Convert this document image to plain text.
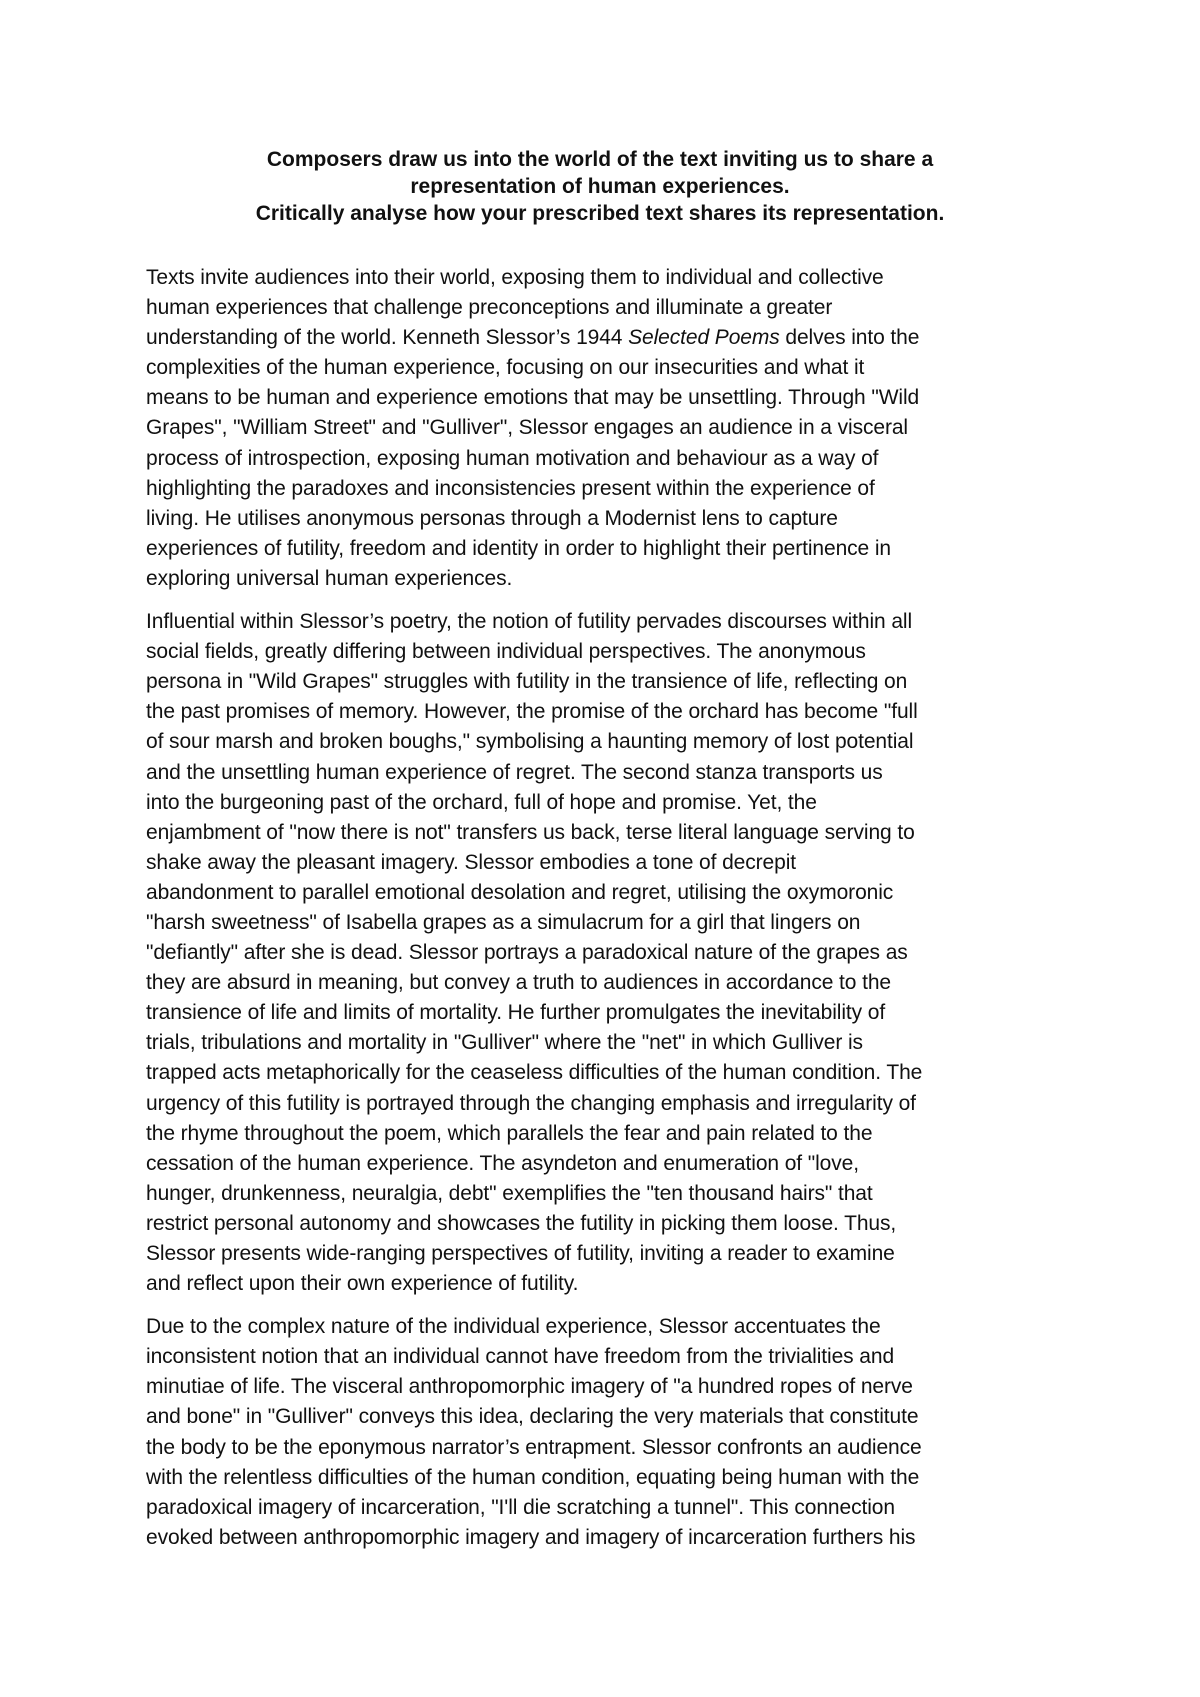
Composers draw us into the world of the text inviting us to share a
representation of human experiences.
Critically analyse how your prescribed text shares its representation.

Texts invite audiences into their world, exposing them to individual and collective
human experiences that challenge preconceptions and illuminate a greater
understanding of the world. Kenneth Slessor’s 1944 Selected Poems delves into the
complexities of the human experience, focusing on our insecurities and what it
means to be human and experience emotions that may be unsettling. Through "Wild
Grapes", "William Street" and "Gulliver", Slessor engages an audience in a visceral
process of introspection, exposing human motivation and behaviour as a way of
highlighting the paradoxes and inconsistencies present within the experience of
living. He utilises anonymous personas through a Modernist lens to capture
experiences of futility, freedom and identity in order to highlight their pertinence in
exploring universal human experiences.

Influential within Slessor’s poetry, the notion of futility pervades discourses within all
social fields, greatly differing between individual perspectives. The anonymous
persona in "Wild Grapes" struggles with futility in the transience of life, reflecting on
the past promises of memory. However, the promise of the orchard has become "full
of sour marsh and broken boughs," symbolising a haunting memory of lost potential
and the unsettling human experience of regret. The second stanza transports us
into the burgeoning past of the orchard, full of hope and promise. Yet, the
enjambment of "now there is not" transfers us back, terse literal language serving to
shake away the pleasant imagery. Slessor embodies a tone of decrepit
abandonment to parallel emotional desolation and regret, utilising the oxymoronic
"harsh sweetness" of Isabella grapes as a simulacrum for a girl that lingers on
"defiantly" after she is dead. Slessor portrays a paradoxical nature of the grapes as
they are absurd in meaning, but convey a truth to audiences in accordance to the
transience of life and limits of mortality. He further promulgates the inevitability of
trials, tribulations and mortality in "Gulliver" where the "net" in which Gulliver is
trapped acts metaphorically for the ceaseless difficulties of the human condition. The
urgency of this futility is portrayed through the changing emphasis and irregularity of
the rhyme throughout the poem, which parallels the fear and pain related to the
cessation of the human experience. The asyndeton and enumeration of "love,
hunger, drunkenness, neuralgia, debt" exemplifies the "ten thousand hairs" that
restrict personal autonomy and showcases the futility in picking them loose. Thus,
Slessor presents wide-ranging perspectives of futility, inviting a reader to examine
and reflect upon their own experience of futility.

Due to the complex nature of the individual experience, Slessor accentuates the
inconsistent notion that an individual cannot have freedom from the trivialities and
minutiae of life. The visceral anthropomorphic imagery of "a hundred ropes of nerve
and bone" in "Gulliver" conveys this idea, declaring the very materials that constitute
the body to be the eponymous narrator’s entrapment. Slessor confronts an audience
with the relentless difficulties of the human condition, equating being human with the
paradoxical imagery of incarceration, "I'll die scratching a tunnel". This connection
evoked between anthropomorphic imagery and imagery of incarceration furthers his
